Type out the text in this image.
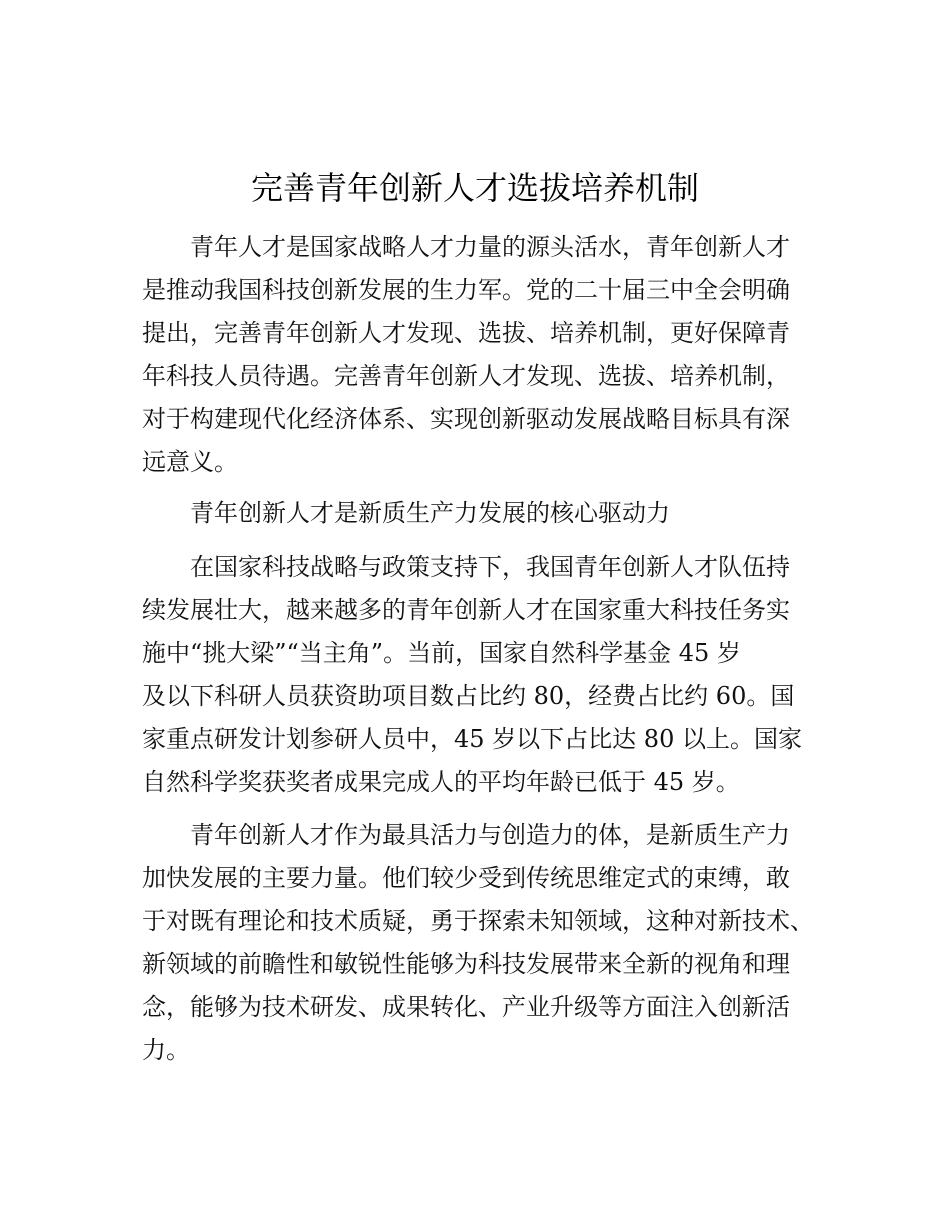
完善青年创新人才选拔培养机制

　　青年人才是国家战略人才力量的源头活水，青年创新人才
是推动我国科技创新发展的生力军。党的二十届三中全会明确
提出，完善青年创新人才发现、选拔、培养机制，更好保障青
年科技人员待遇。完善青年创新人才发现、选拔、培养机制，
对于构建现代化经济体系、实现创新驱动发展战略目标具有深
远意义。

　　青年创新人才是新质生产力发展的核心驱动力

　　在国家科技战略与政策支持下，我国青年创新人才队伍持
续发展壮大，越来越多的青年创新人才在国家重大科技任务实
施中“挑大梁”“当主角”。当前，国家自然科学基金 45 岁
及以下科研人员获资助项目数占比约 80，经费占比约 60。国
家重点研发计划参研人员中，45 岁以下占比达 80 以上。国家
自然科学奖获奖者成果完成人的平均年龄已低于 45 岁。

　　青年创新人才作为最具活力与创造力的体，是新质生产力
加快发展的主要力量。他们较少受到传统思维定式的束缚，敢
于对既有理论和技术质疑，勇于探索未知领域，这种对新技术、
新领域的前瞻性和敏锐性能够为科技发展带来全新的视角和理
念，能够为技术研发、成果转化、产业升级等方面注入创新活
力。
